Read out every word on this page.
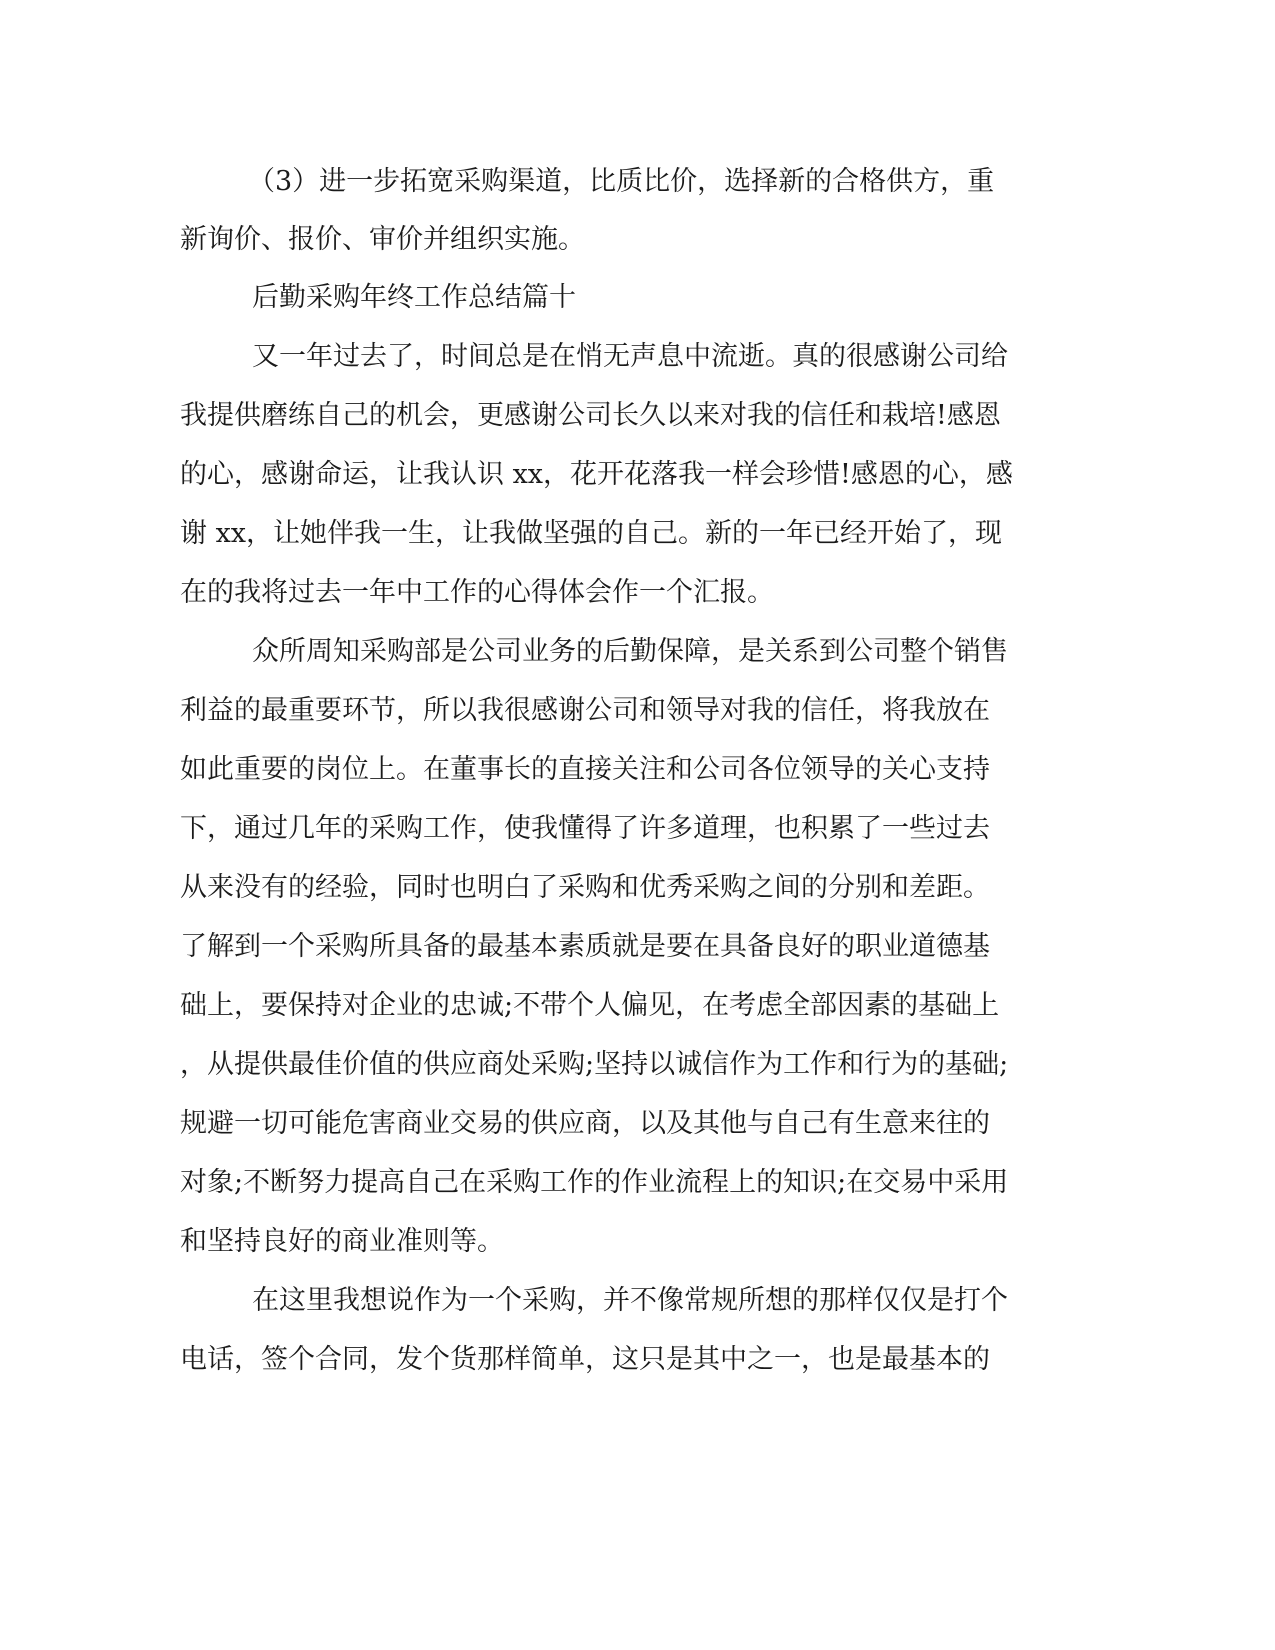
（3）进一步拓宽采购渠道，比质比价，选择新的合格供方，重
新询价、报价、审价并组织实施。
后勤采购年终工作总结篇十
又一年过去了，时间总是在悄无声息中流逝。真的很感谢公司给
我提供磨练自己的机会，更感谢公司长久以来对我的信任和栽培!感恩
的心，感谢命运，让我认识 xx，花开花落我一样会珍惜!感恩的心，感
谢 xx，让她伴我一生，让我做坚强的自己。新的一年已经开始了，现
在的我将过去一年中工作的心得体会作一个汇报。
众所周知采购部是公司业务的后勤保障，是关系到公司整个销售
利益的最重要环节，所以我很感谢公司和领导对我的信任，将我放在
如此重要的岗位上。在董事长的直接关注和公司各位领导的关心支持
下，通过几年的采购工作，使我懂得了许多道理，也积累了一些过去
从来没有的经验，同时也明白了采购和优秀采购之间的分别和差距。
了解到一个采购所具备的最基本素质就是要在具备良好的职业道德基
础上，要保持对企业的忠诚;不带个人偏见，在考虑全部因素的基础上
，从提供最佳价值的供应商处采购;坚持以诚信作为工作和行为的基础;
规避一切可能危害商业交易的供应商，以及其他与自己有生意来往的
对象;不断努力提高自己在采购工作的作业流程上的知识;在交易中采用
和坚持良好的商业准则等。
在这里我想说作为一个采购，并不像常规所想的那样仅仅是打个
电话，签个合同，发个货那样简单，这只是其中之一，也是最基本的
